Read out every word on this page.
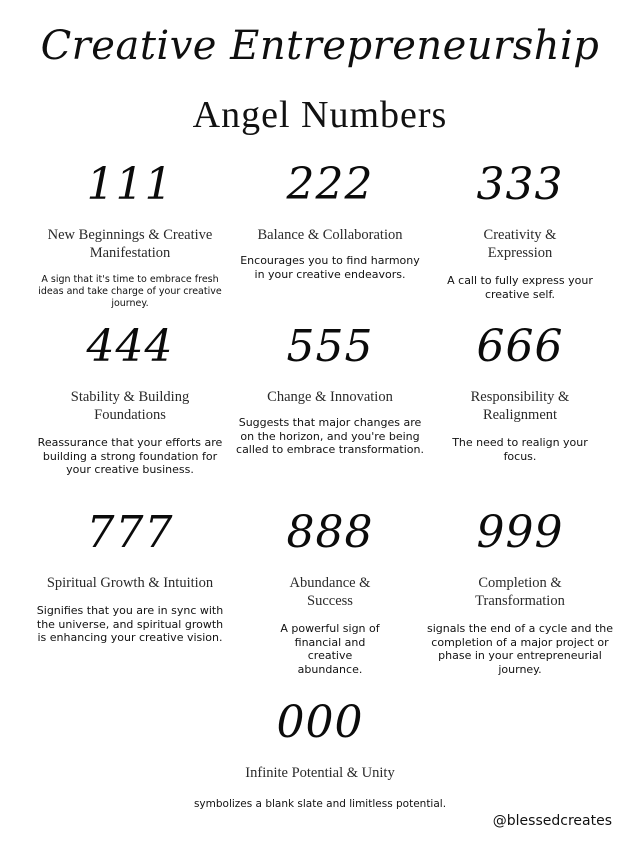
Creative Entrepreneurship
Angel Numbers
111
New Beginnings & Creative Manifestation
A sign that it's time to embrace fresh ideas and take charge of your creative journey.
222
Balance & Collaboration
Encourages you to find harmony in your creative endeavors.
333
Creativity & Expression
A call to fully express your creative self.
444
Stability & Building Foundations
Reassurance that your efforts are building a strong foundation for your creative business.
555
Change & Innovation
Suggests that major changes are on the horizon, and you're being called to embrace transformation.
666
Responsibility & Realignment
The need to realign your focus.
777
Spiritual Growth & Intuition
Signifies that you are in sync with the universe, and spiritual growth is enhancing your creative vision.
888
Abundance & Success
A powerful sign of financial and creative abundance.
999
Completion & Transformation
signals the end of a cycle and the completion of a major project or phase in your entrepreneurial journey.
000
Infinite Potential & Unity
symbolizes a blank slate and limitless potential.
@blessedcreates
